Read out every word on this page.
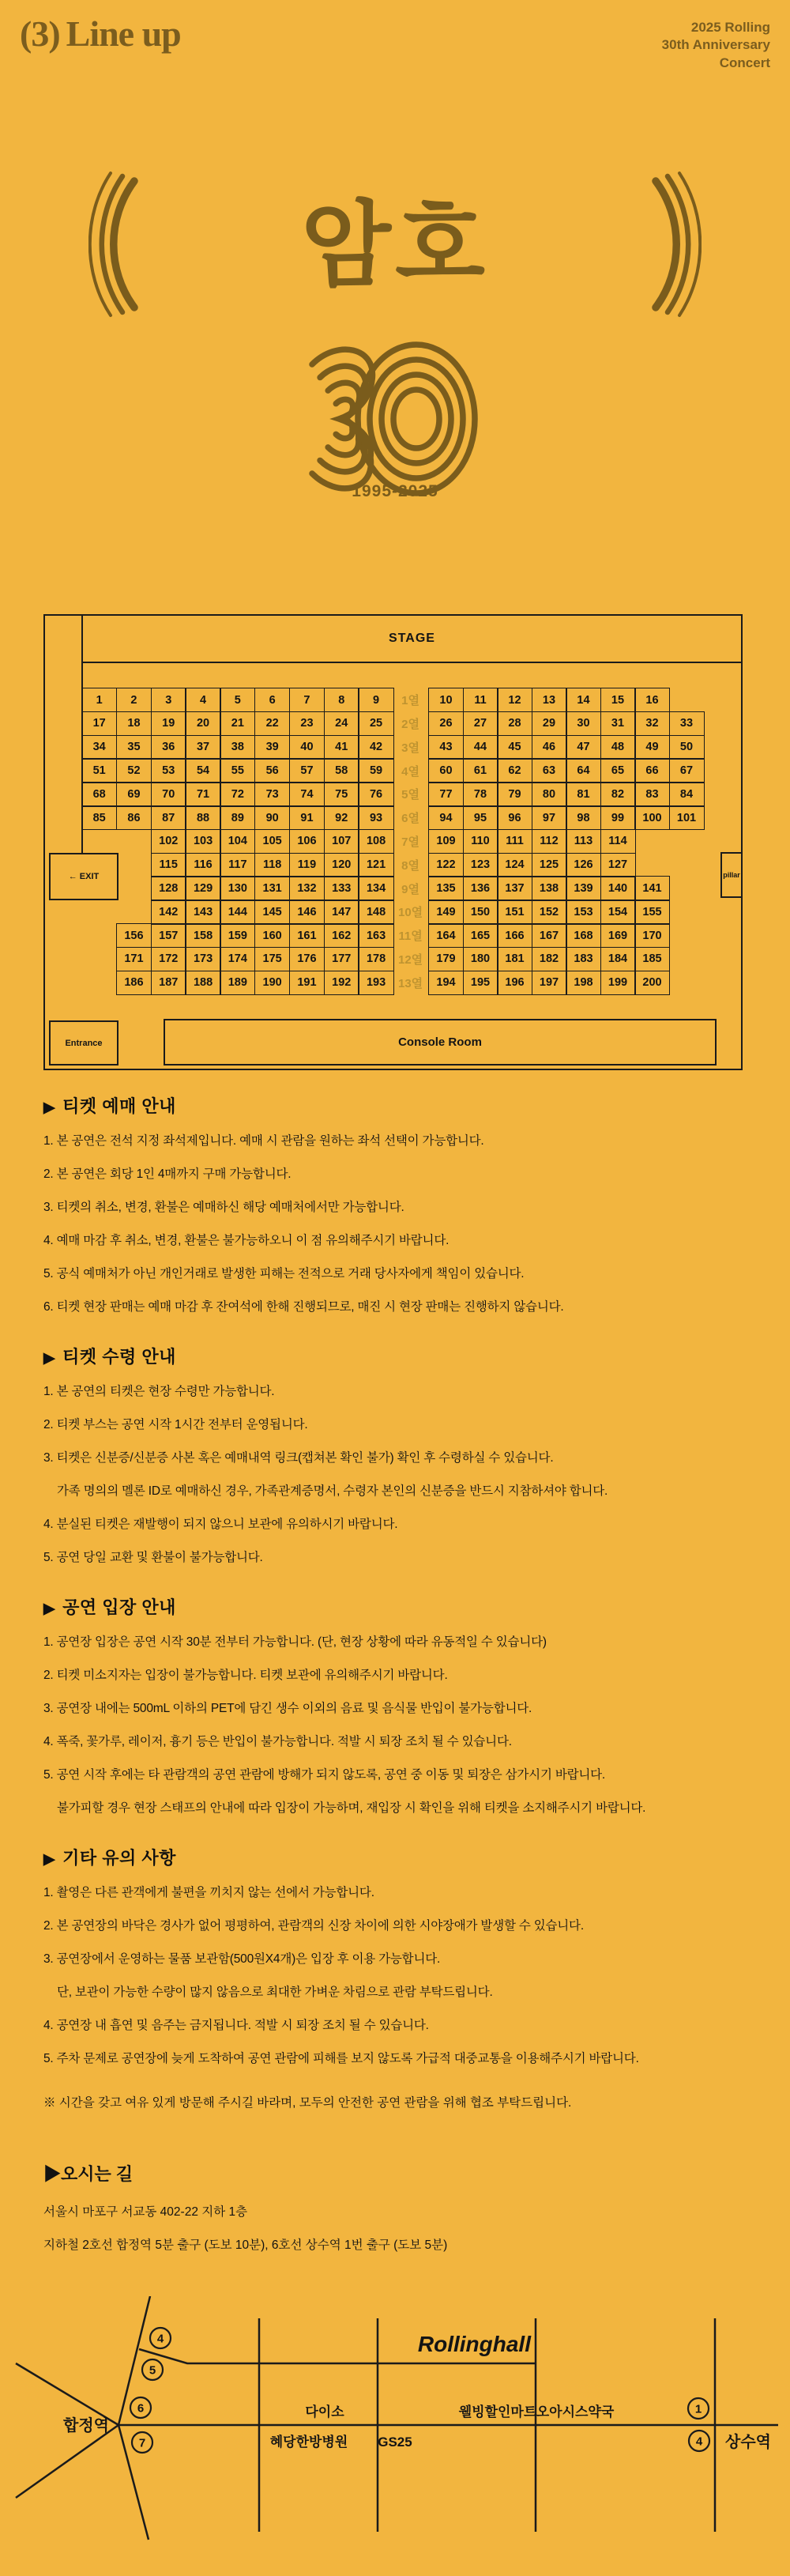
(3) Line up	2025 Rolling
30th Anniversary
Concert
암호
1995-2025
STAGE
← EXIT	pillar
Entrance	Console Room
1	2	3	4	5	6	7	8	9	1열	10	11	12	13	14	15	16
17	18	19	20	21	22	23	24	25	2열	26	27	28	29	30	31	32	33
34	35	36	37	38	39	40	41	42	3열	43	44	45	46	47	48	49	50
51	52	53	54	55	56	57	58	59	4열	60	61	62	63	64	65	66	67
68	69	70	71	72	73	74	75	76	5열	77	78	79	80	81	82	83	84
85	86	87	88	89	90	91	92	93	6열	94	95	96	97	98	99	100	101
102	103	104	105	106	107	108	7열	109	110	111	112	113	114
115	116	117	118	119	120	121	8열	122	123	124	125	126	127
128	129	130	131	132	133	134	9열	135	136	137	138	139	140	141
142	143	144	145	146	147	148	10열	149	150	151	152	153	154	155
156	157	158	159	160	161	162	163	11열	164	165	166	167	168	169	170
171	172	173	174	175	176	177	178	12열	179	180	181	182	183	184	185
186	187	188	189	190	191	192	193	13열	194	195	196	197	198	199	200
▶ 티켓 예매 안내
1. 본 공연은 전석 지정 좌석제입니다. 예매 시 관람을 원하는 좌석 선택이 가능합니다.
2. 본 공연은 회당 1인 4매까지 구매 가능합니다.
3. 티켓의 취소, 변경, 환불은 예매하신 해당 예매처에서만 가능합니다.
4. 예매 마감 후 취소, 변경, 환불은 불가능하오니 이 점 유의해주시기 바랍니다.
5. 공식 예매처가 아닌 개인거래로 발생한 피해는 전적으로 거래 당사자에게 책임이 있습니다.
6. 티켓 현장 판매는 예매 마감 후 잔여석에 한해 진행되므로, 매진 시 현장 판매는 진행하지 않습니다.
▶ 티켓 수령 안내
1. 본 공연의 티켓은 현장 수령만 가능합니다.
2. 티켓 부스는 공연 시작 1시간 전부터 운영됩니다.
3. 티켓은 신분증/신분증 사본 혹은 예매내역 링크(캡쳐본 확인 불가) 확인 후 수령하실 수 있습니다.
가족 명의의 멜론 ID로 예매하신 경우, 가족관계증명서, 수령자 본인의 신분증을 반드시 지참하셔야 합니다.
4. 분실된 티켓은 재발행이 되지 않으니 보관에 유의하시기 바랍니다.
5. 공연 당일 교환 및 환불이 불가능합니다.
▶ 공연 입장 안내
1. 공연장 입장은 공연 시작 30분 전부터 가능합니다. (단, 현장 상황에 따라 유동적일 수 있습니다)
2. 티켓 미소지자는 입장이 불가능합니다. 티켓 보관에 유의해주시기 바랍니다.
3. 공연장 내에는 500mL 이하의 PET에 담긴 생수 이외의 음료 및 음식물 반입이 불가능합니다.
4. 폭죽, 꽃가루, 레이저, 흉기 등은 반입이 불가능합니다. 적발 시 퇴장 조치 될 수 있습니다.
5. 공연 시작 후에는 타 관람객의 공연 관람에 방해가 되지 않도록, 공연 중 이동 및 퇴장은 삼가시기 바랍니다.
불가피할 경우 현장 스태프의 안내에 따라 입장이 가능하며, 재입장 시 확인을 위해 티켓을 소지해주시기 바랍니다.
▶ 기타 유의 사항
1. 촬영은 다른 관객에게 불편을 끼치지 않는 선에서 가능합니다.
2. 본 공연장의 바닥은 경사가 없어 평평하여, 관람객의 신장 차이에 의한 시야장애가 발생할 수 있습니다.
3. 공연장에서 운영하는 물품 보관함(500원X4개)은 입장 후 이용 가능합니다.
단, 보관이 가능한 수량이 많지 않음으로 최대한 가벼운 차림으로 관람 부탁드립니다.
4. 공연장 내 흡연 및 음주는 금지됩니다. 적발 시 퇴장 조치 될 수 있습니다.
5. 주차 문제로 공연장에 늦게 도착하여 공연 관람에 피해를 보지 않도록 가급적 대중교통을 이용해주시기 바랍니다.
※ 시간을 갖고 여유 있게 방문해 주시길 바라며, 모두의 안전한 공연 관람을 위해 협조 부탁드립니다.
▶오시는 길
서울시 마포구 서교동 402-22 지하 1층
지하철 2호선 합정역 5분 출구 (도보 10분), 6호선 상수역 1번 출구 (도보 5분)
4
5
6
7
1
4
Rollinghall
합정역
상수역
다이소	웰빙할인마트 오아시스약국
혜당한방병원 GS25
